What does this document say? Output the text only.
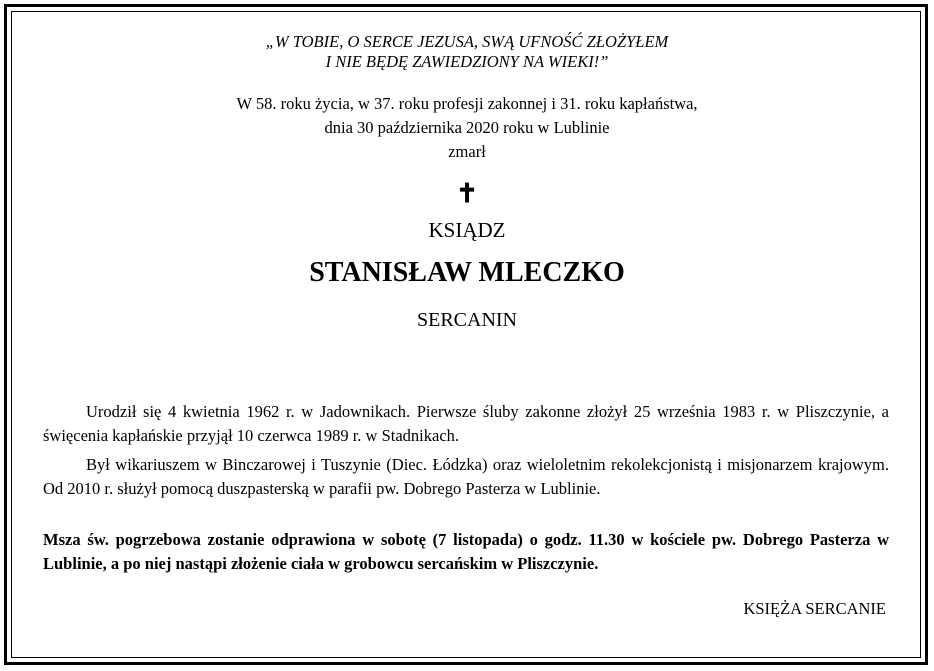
„W TOBIE, O SERCE JEZUSA, SWĄ UFNOŚĆ ZŁOŻYŁEM
I NIE BĘDĘ ZAWIEDZIONY NA WIEKI!”
W 58. roku życia, w 37. roku profesji zakonnej i 31. roku kapłaństwa,
dnia 30 października 2020 roku w Lublinie
zmarł
✝
KSIĄDZ
STANISŁAW MLECZKO
SERCANIN

Urodził się 4 kwietnia 1962 r. w Jadownikach. Pierwsze śluby zakonne złożył 25 września 1983 r. w Pliszczynie, a święcenia kapłańskie przyjął 10 czerwca 1989 r. w Stadnikach.

Był wikariuszem w Binczarowej i Tuszynie (Diec. Łódzka) oraz wieloletnim rekolekcjonistą i misjonarzem krajowym. Od 2010 r. służył pomocą duszpasterską w parafii pw. Dobrego Pasterza w Lublinie.

Msza św. pogrzebowa zostanie odprawiona w sobotę (7 listopada) o godz. 11.30 w kościele pw. Dobrego Pasterza w Lublinie, a po niej nastąpi złożenie ciała w grobowcu sercańskim w Pliszczynie.

KSIĘŻA SERCANIE
